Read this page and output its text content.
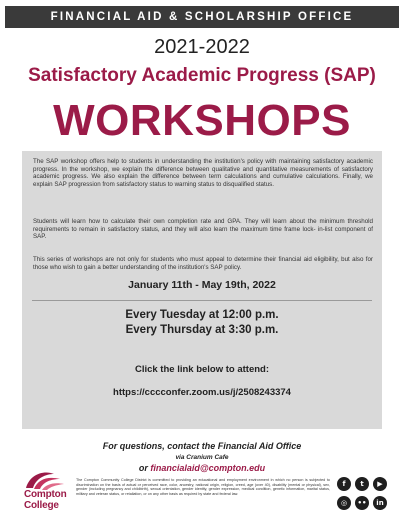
FINANCIAL AID & SCHOLARSHIP OFFICE
2021-2022
Satisfactory Academic Progress (SAP)
WORKSHOPS

The SAP workshop offers help to students in understanding the institution's policy with maintaining satisfactory academic progress. In the workshop, we explain the difference between qualitative and quantitative measurements of satisfactory academic progress. We also explain the difference between term calculations and cumulative calculations. Finally, we explain SAP progression from satisfactory status to warning status to disqualified status.

Students will learn how to calculate their own completion rate and GPA. They will learn about the minimum threshold requirements to remain in satisfactory status, and they will also learn the maximum time frame lock- in-list component of SAP.

This series of workshops are not only for students who must appeal to determine their financial aid eligibility, but also for those who wish to gain a better understanding of the institution's SAP policy.

January 11th - May 19th, 2022
Every Tuesday at 12:00 p.m.
Every Thursday at 3:30 p.m.
Click the link below to attend:
https://cccconfer.zoom.us/j/2508243374
For questions, contact the Financial Aid Office
via Cranium Cafe
or financialaid@compton.edu
Compton
College

The Compton Community College District is committed to providing an educational and employment environment in which no person is subjected to discrimination on the basis of actual or perceived race, color, ancestry, national origin, religion, creed, age (over 40), disability (mental or physical), sex, gender (including pregnancy and childbirth), sexual orientation, gender identity, gender expression, medical condition, genetic information, marital status, military and veteran status, or retaliation, or on any other basis as required by state and federal law.

f	t	▶
◎	••	in
